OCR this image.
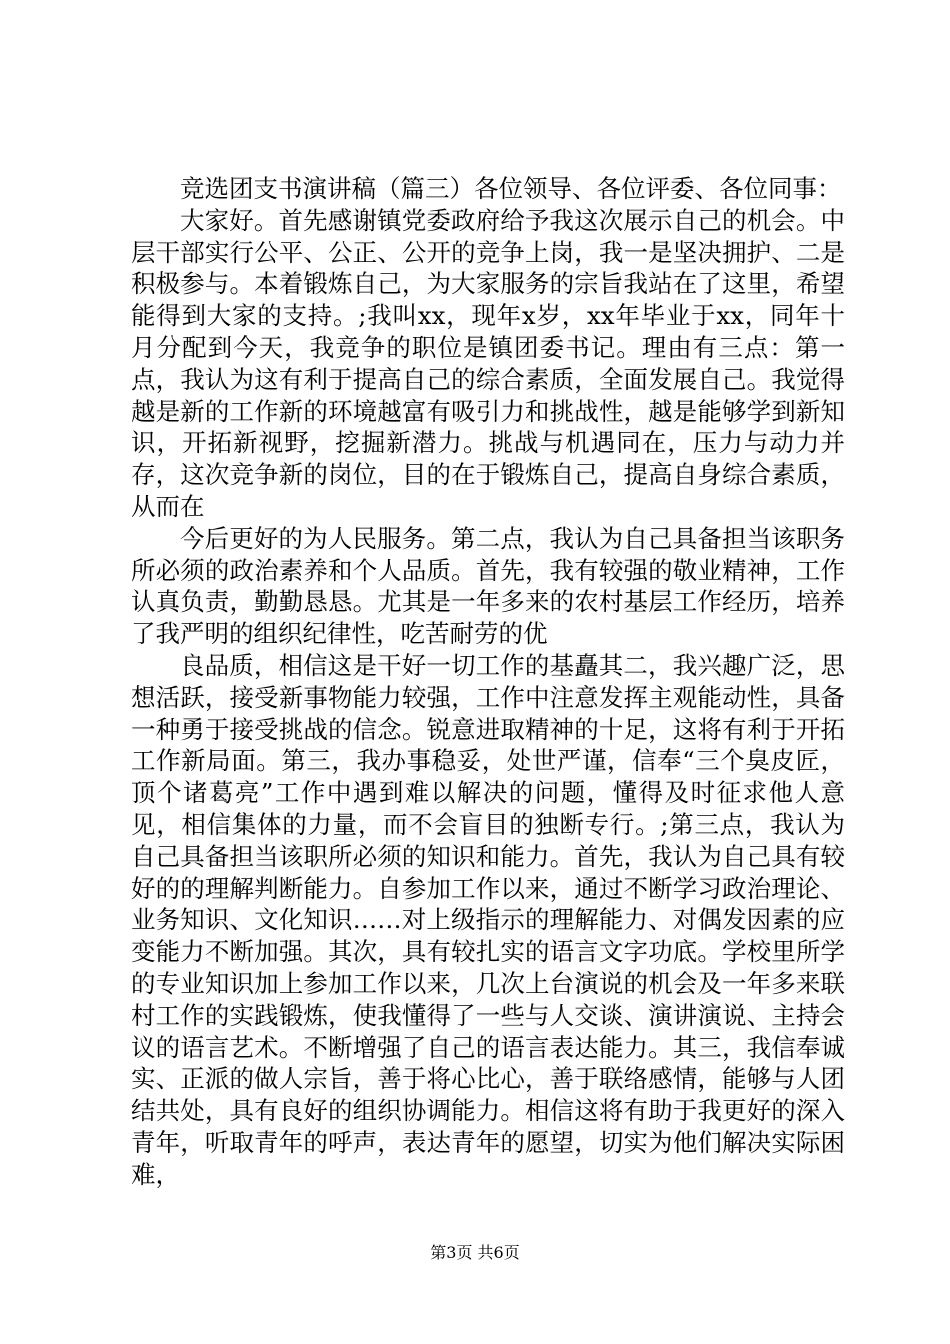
竞选团支书演讲稿（篇三）各位领导、各位评委、各位同事：

大家好。首先感谢镇党委政府给予我这次展示自己的机会。中层干部实行公平、公正、公开的竞争上岗，我一是坚决拥护、二是积极参与。本着锻炼自己，为大家服务的宗旨我站在了这里，希望能得到大家的支持。;我叫xx，现年x岁，xx年毕业于xx，同年十月分配到今天，我竞争的职位是镇团委书记。理由有三点：第一点，我认为这有利于提高自己的综合素质，全面发展自己。我觉得越是新的工作新的环境越富有吸引力和挑战性，越是能够学到新知识，开拓新视野，挖掘新潜力。挑战与机遇同在，压力与动力并存，这次竞争新的岗位，目的在于锻炼自己，提高自身综合素质，从而在

今后更好的为人民服务。第二点，我认为自己具备担当该职务所必须的政治素养和个人品质。首先，我有较强的敬业精神，工作认真负责，勤勤恳恳。尤其是一年多来的农村基层工作经历，培养了我严明的组织纪律性，吃苦耐劳的优

良品质，相信这是干好一切工作的基矗其二，我兴趣广泛，思想活跃，接受新事物能力较强，工作中注意发挥主观能动性，具备一种勇于接受挑战的信念。锐意进取精神的十足，这将有利于开拓工作新局面。第三，我办事稳妥，处世严谨，信奉“三个臭皮匠，顶个诸葛亮”工作中遇到难以解决的问题，懂得及时征求他人意见，相信集体的力量，而不会盲目的独断专行。;第三点，我认为自己具备担当该职所必须的知识和能力。首先，我认为自己具有较好的的理解判断能力。自参加工作以来，通过不断学习政治理论、业务知识、文化知识……对上级指示的理解能力、对偶发因素的应变能力不断加强。其次，具有较扎实的语言文字功底。学校里所学的专业知识加上参加工作以来，几次上台演说的机会及一年多来联村工作的实践锻炼，使我懂得了一些与人交谈、演讲演说、主持会议的语言艺术。不断增强了自己的语言表达能力。其三，我信奉诚实、正派的做人宗旨，善于将心比心，善于联络感情，能够与人团结共处，具有良好的组织协调能力。相信这将有助于我更好的深入青年，听取青年的呼声，表达青年的愿望，切实为他们解决实际困难，

第3页 共6页
